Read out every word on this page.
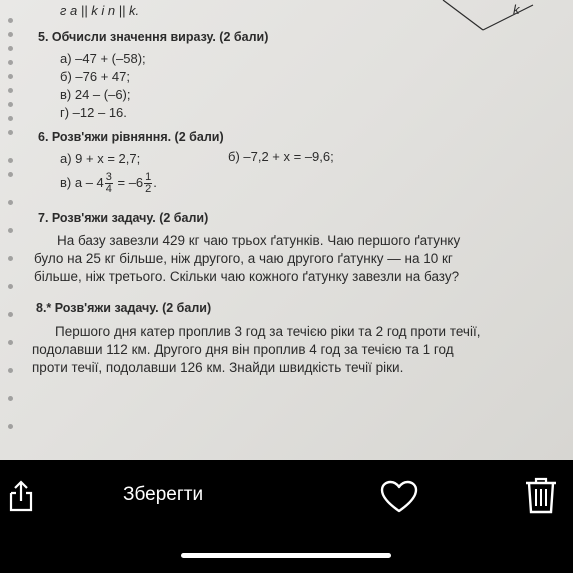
k
г a || k і n || k.
5. Обчисли значення виразу. (2 бали)
а) –47 + (–58);
б) –76 + 47;
в) 24 – (–6);
г) –12 – 16.
6. Розв'яжи рівняння. (2 бали)
а) 9 + x = 2,7;	б) –7,2 + x = –9,6;
в) $a - 4 \frac{3}{4} = -6 \frac{1}{2}$ .
7. Розв'яжи задачу. (2 бали)
На базу завезли 429 кг чаю трьох ґатунків. Чаю першого ґатунку
було на 25 кг більше, ніж другого, а чаю другого ґатунку — на 10 кг
більше, ніж третього. Скільки чаю кожного ґатунку завезли на базу?
8.* Розв'яжи задачу. (2 бали)
Першого дня катер проплив 3 год за течією ріки та 2 год проти течії,
подолавши 112 км. Другого дня він проплив 4 год за течією та 1 год
проти течії, подолавши 126 км. Знайди швидкість течії ріки.
Зберегти
